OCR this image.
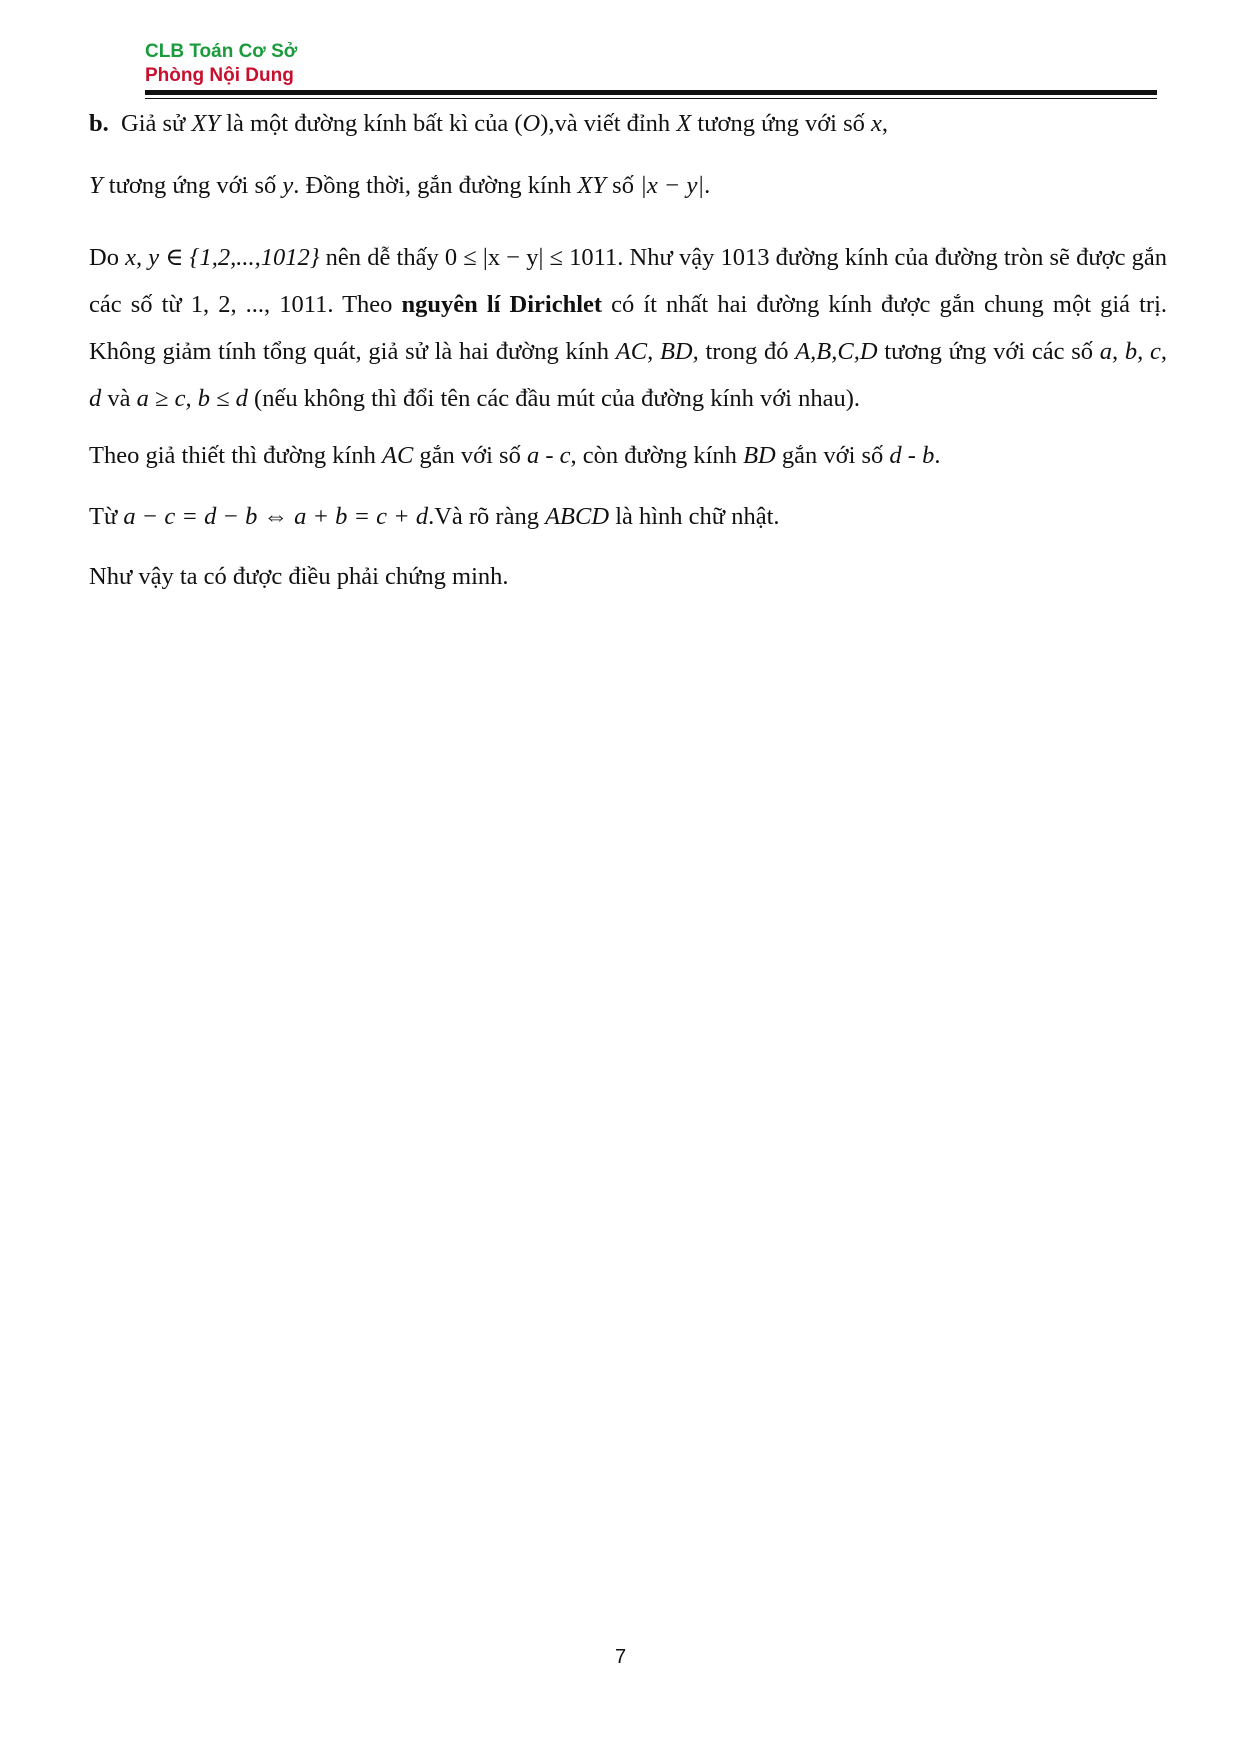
CLB Toán Cơ Sở
Phòng Nội Dung
b. Giả sử XY là một đường kính bất kì của (O),và viết đỉnh X tương ứng với số x,
Y tương ứng với số y. Đồng thời, gắn đường kính XY số |x − y|.
Do x, y ∈ {1,2,...,1012} nên dễ thấy 0 ≤ |x − y| ≤ 1011. Như vậy 1013 đường kính của đường tròn sẽ được gắn các số từ 1, 2, ..., 1011. Theo nguyên lí Dirichlet có ít nhất hai đường kính được gắn chung một giá trị. Không giảm tính tổng quát, giả sử là hai đường kính AC, BD, trong đó A,B,C,D tương ứng với các số a, b, c, d và a ≥ c, b ≤ d (nếu không thì đổi tên các đầu mút của đường kính với nhau).
Theo giả thiết thì đường kính AC gắn với số a - c, còn đường kính BD gắn với số d - b.
Từ a − c = d − b ⇔ a + b = c + d.Và rõ ràng ABCD là hình chữ nhật.
Như vậy ta có được điều phải chứng minh.
7
